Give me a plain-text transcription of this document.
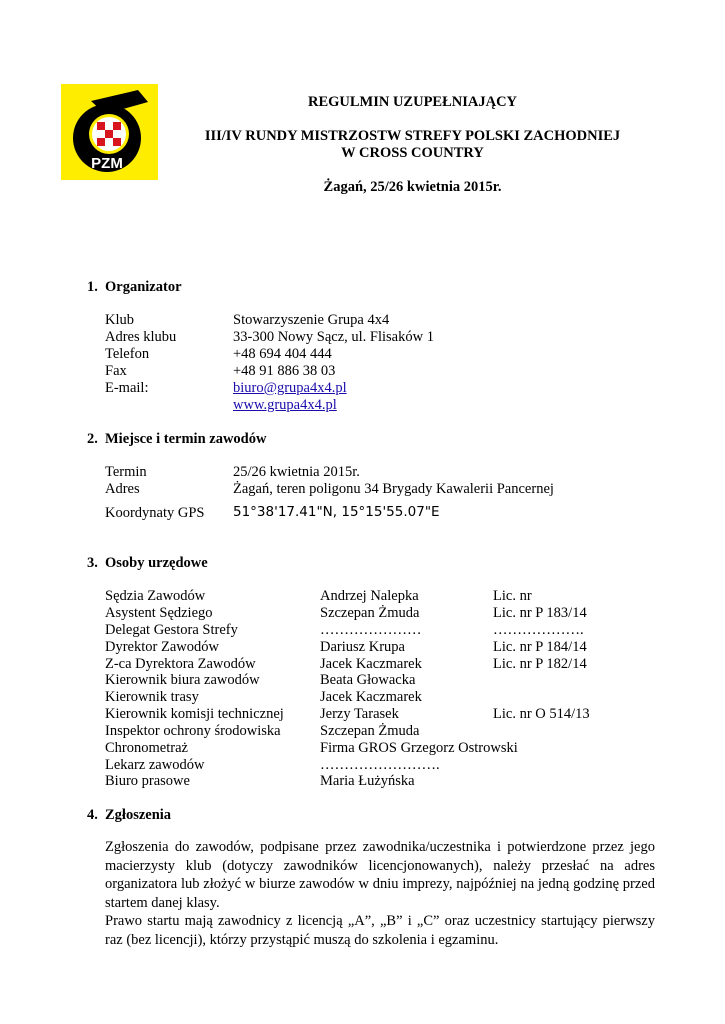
PZM
REGULMIN UZUPEŁNIAJĄCY
III/IV RUNDY MISTRZOSTW STREFY POLSKI ZACHODNIEJ
W CROSS COUNTRY
Żagań, 25/26 kwietnia 2015r.
1. Organizator
Klub	Stowarzyszenie Grupa 4x4
Adres klubu	33-300 Nowy Sącz, ul. Flisaków 1
Telefon	+48 694 404 444
Fax	+48 91 886 38 03
E-mail:	biuro@grupa4x4.pl
www.grupa4x4.pl
2. Miejsce i termin zawodów
Termin	25/26 kwietnia 2015r.
Adres	Żagań, teren poligonu 34 Brygady Kawalerii Pancernej
Koordynaty GPS 51°38'17.41"N, 15°15'55.07"E
3. Osoby urzędowe
Sędzia Zawodów	Andrzej Nalepka	Lic. nr
Asystent Sędziego	Szczepan Żmuda	Lic. nr P 183/14
Delegat Gestora Strefy	…………………	……………….
Dyrektor Zawodów	Dariusz Krupa	Lic. nr P 184/14
Z-ca Dyrektora Zawodów	Jacek Kaczmarek	Lic. nr P 182/14
Kierownik biura zawodów	Beata Głowacka
Kierownik trasy	Jacek Kaczmarek
Kierownik komisji technicznej Jerzy Tarasek	Lic. nr O 514/13
Inspektor ochrony środowiska	Szczepan Żmuda
Chronometraż	Firma GROS Grzegorz Ostrowski
Lekarz zawodów	…………………….
Biuro prasowe	Maria Łużyńska
4. Zgłoszenia

Zgłoszenia do zawodów, podpisane przez zawodnika/uczestnika i potwierdzone przez jego macierzysty klub (dotyczy zawodników licencjonowanych), należy przesłać na adres organizatora lub złożyć w biurze zawodów w dniu imprezy, najpóźniej na jedną godzinę przed startem danej klasy.

Prawo startu mają zawodnicy z licencją „A”, „B” i „C” oraz uczestnicy startujący pierwszy raz (bez licencji), którzy przystąpić muszą do szkolenia i egzaminu.
